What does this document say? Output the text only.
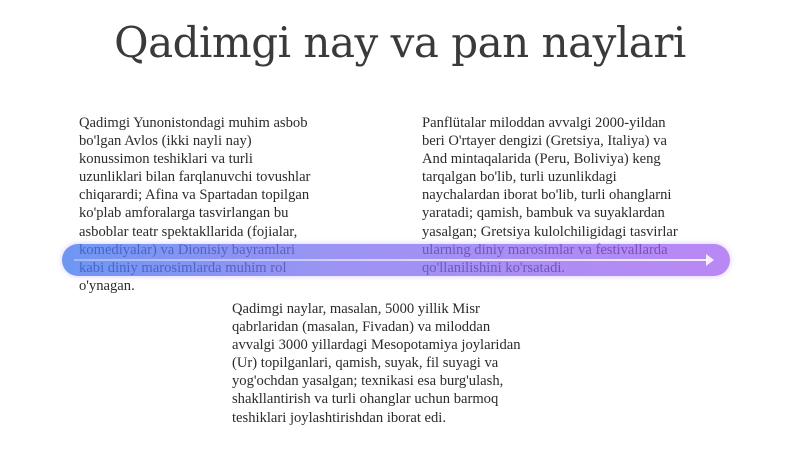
Qadimgi nay va pan naylari
Qadimgi Yunonistondagi muhim asbob
bo'lgan Avlos (ikki nayli nay)
konussimon teshiklari va turli
uzunliklari bilan farqlanuvchi tovushlar
chiqarardi; Afina va Spartadan topilgan
ko'plab amforalarga tasvirlangan bu
asboblar teatr spektakllarida (fojialar,
o'ynagan.
Panflütalar miloddan avvalgi 2000-yildan
beri O'rtayer dengizi (Gretsiya, Italiya) va
And mintaqalarida (Peru, Boliviya) keng
tarqalgan bo'lib, turli uzunlikdagi
naychalardan iborat bo'lib, turli ohanglarni
yaratadi; qamish, bambuk va suyaklardan
yasalgan; Gretsiya kulolchiligidagi tasvirlar
Qadimgi naylar, masalan, 5000 yillik Misr
qabrlaridan (masalan, Fivadan) va miloddan
avvalgi 3000 yillardagi Mesopotamiya joylaridan
(Ur) topilganlari, qamish, suyak, fil suyagi va
yog'ochdan yasalgan; texnikasi esa burg'ulash,
shakllantirish va turli ohanglar uchun barmoq
teshiklari joylashtirishdan iborat edi.
